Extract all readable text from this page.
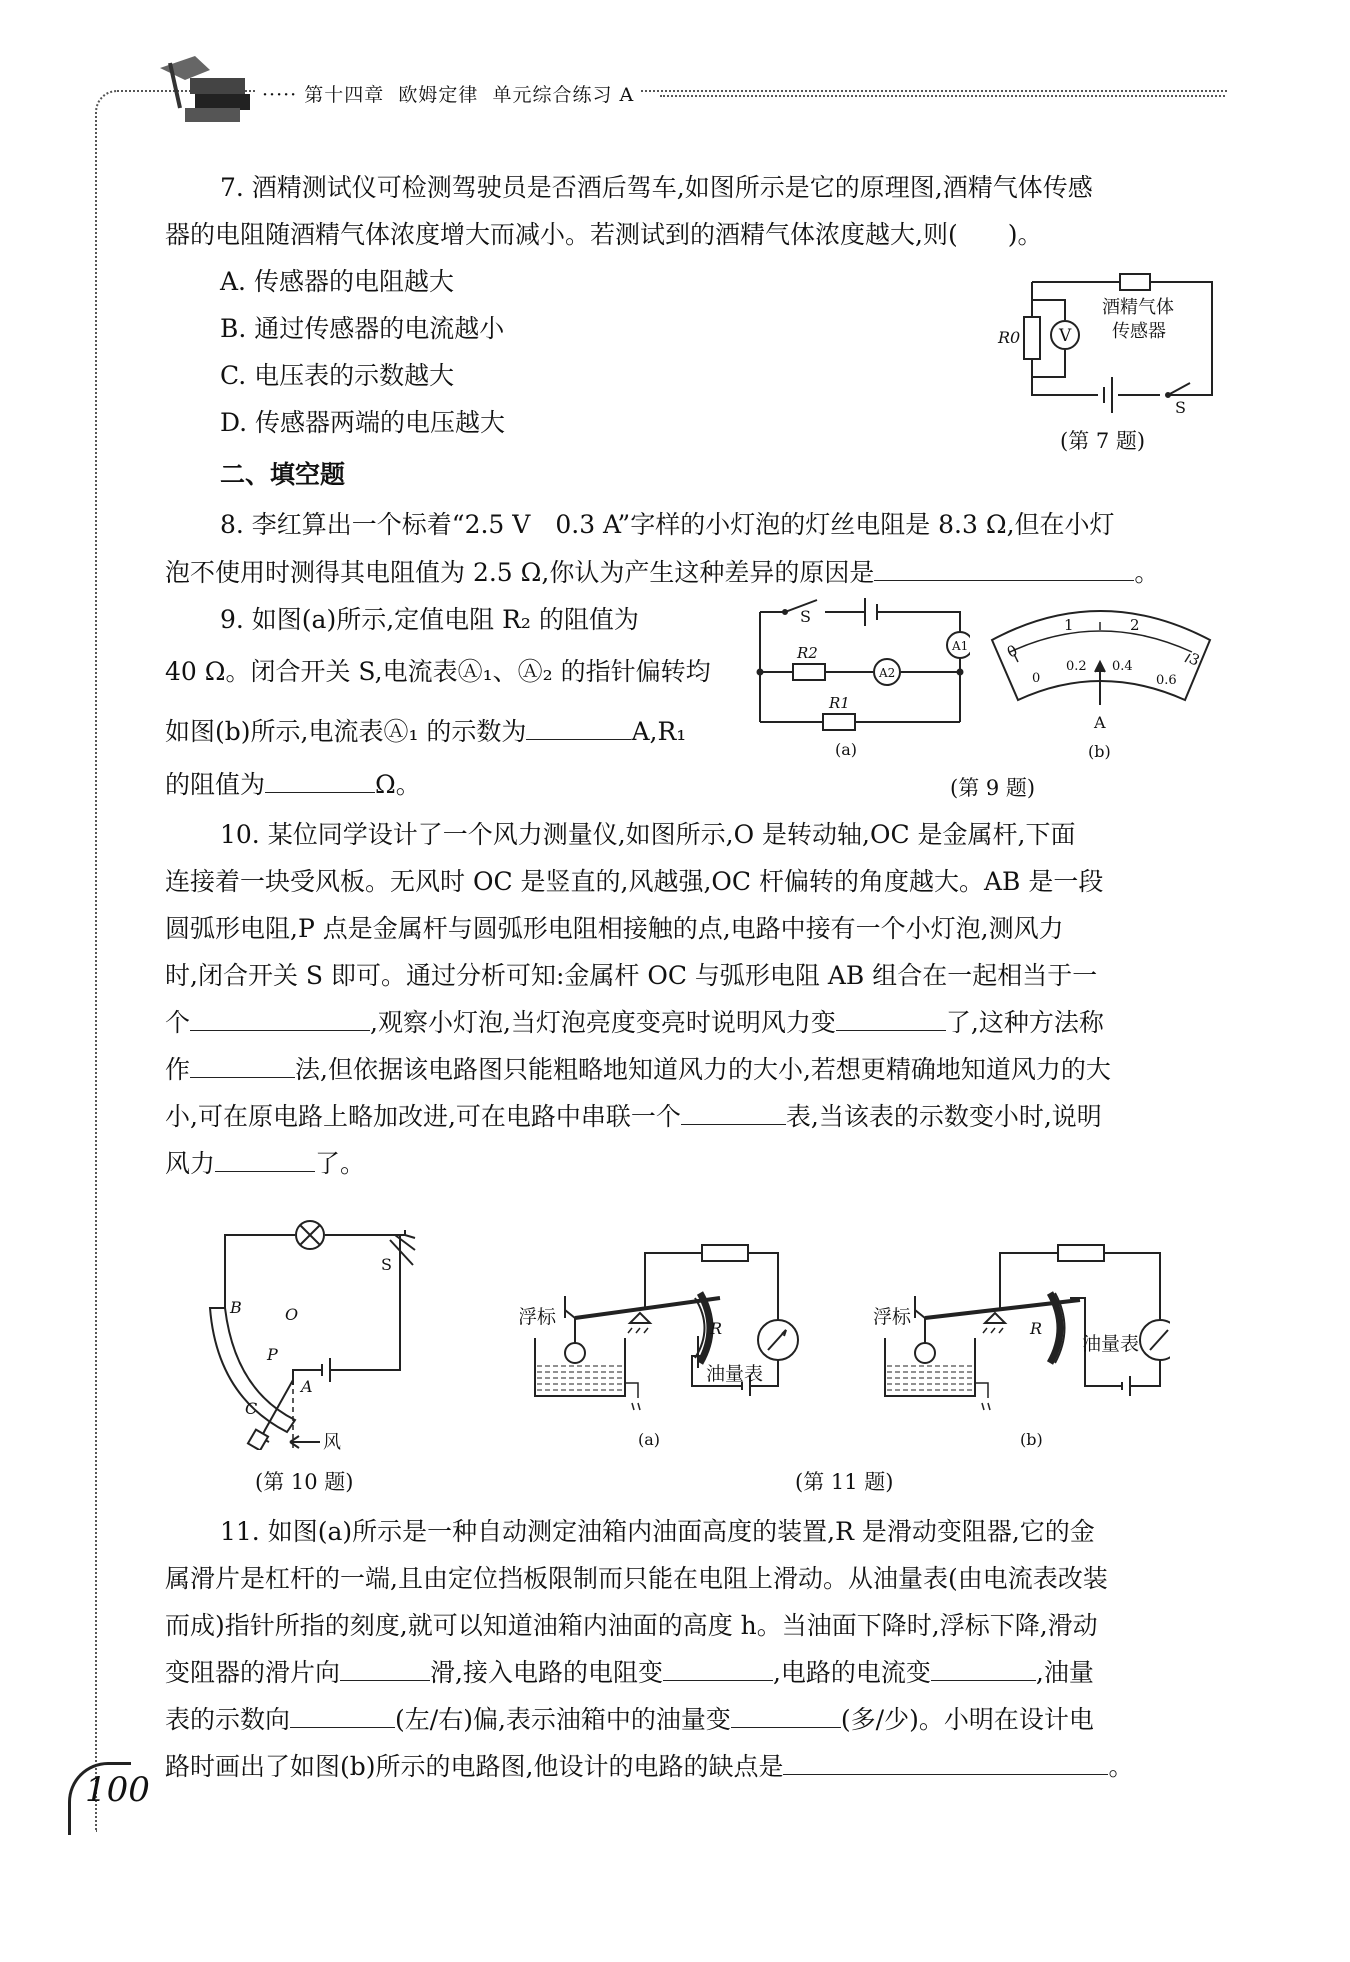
····· 第十四章 欧姆定律 单元综合练习 A
7. 酒精测试仪可检测驾驶员是否酒后驾车,如图所示是它的原理图,酒精气体传感
器的电阻随酒精气体浓度增大而减小。若测试到的酒精气体浓度越大,则(　　)。
A. 传感器的电阻越大
B. 通过传感器的电流越小
C. 电压表的示数越大
D. 传感器两端的电压越大
V
R0
酒精气体
传感器
S
(第 7 题)
二、填空题
8. 李红算出一个标着“2.5 V　0.3 A”字样的小灯泡的灯丝电阻是 8.3 Ω,但在小灯
泡不使用时测得其电阻值为 2.5 Ω,你认为产生这种差异的原因是	。
9. 如图(a)所示,定值电阻 R₂ 的阻值为
40 Ω。闭合开关 S,电流表Ⓐ₁、Ⓐ₂ 的指针偏转均
如图(b)所示,电流表Ⓐ₁ 的示数为	A,R₁
的阻值为	Ω。
S
A1
A2
R2
R1
(a)
0
1	2
3
0
0.2 0.4
0.6
A
(b)
(第 9 题)
10. 某位同学设计了一个风力测量仪,如图所示,O 是转动轴,OC 是金属杆,下面
连接着一块受风板。无风时 OC 是竖直的,风越强,OC 杆偏转的角度越大。AB 是一段
圆弧形电阻,P 点是金属杆与圆弧形电阻相接触的点,电路中接有一个小灯泡,测风力
时,闭合开关 S 即可。通过分析可知:金属杆 OC 与弧形电阻 AB 组合在一起相当于一
个	,观察小灯泡,当灯泡亮度变亮时说明风力变	了,这种方法称
作	法,但依据该电路图只能粗略地知道风力的大小,若想更精确地知道风力的大
小,可在原电路上略加改进,可在电路中串联一个	表,当该表的示数变小时,说明
风力	了。
B	O
P
A
C
S
风
(第 10 题)
浮标
R
油量表
(a)
浮标
R
油量表
(b)
(第 11 题)
11. 如图(a)所示是一种自动测定油箱内油面高度的装置,R 是滑动变阻器,它的金
属滑片是杠杆的一端,且由定位挡板限制而只能在电阻上滑动。从油量表(由电流表改装
而成)指针所指的刻度,就可以知道油箱内油面的高度 h。当油面下降时,浮标下降,滑动
变阻器的滑片向	滑,接入电路的电阻变	,电路的电流变	,油量
表的示数向	(左/右)偏,表示油箱中的油量变	(多/少)。小明在设计电
路时画出了如图(b)所示的电路图,他设计的电路的缺点是	。
100
